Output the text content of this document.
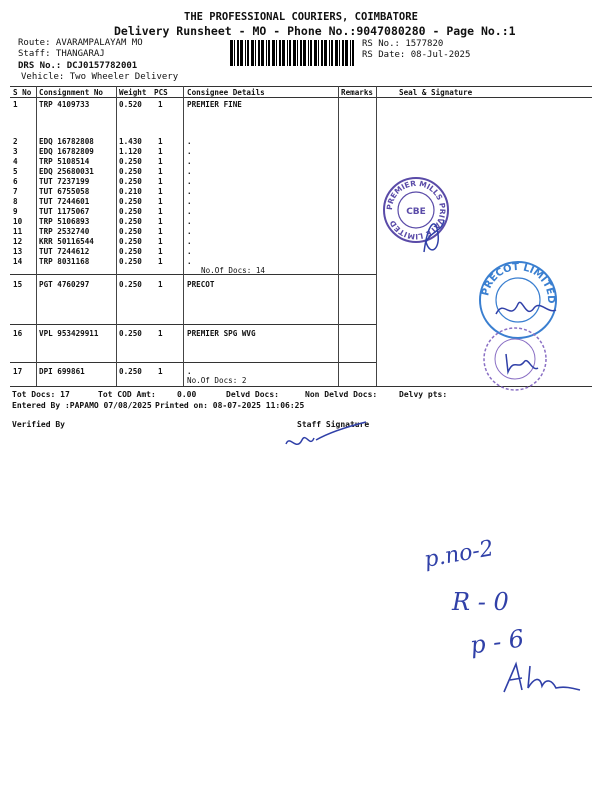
THE PROFESSIONAL COURIERS, COIMBATORE
Delivery Runsheet - MO - Phone No.:9047080280 - Page No.:1
Route: AVARAMPALAYAM MO
Staff: THANGARAJ
DRS No.: DCJ0157782001
Vehicle: Two Wheeler Delivery
RS No.: 1577820
RS Date: 08-Jul-2025
S No Consignment No Weight PCS	Consignee Details	Remarks	Seal & Signature
1	TRP 4109733	0.520 1	PREMIER FINE
2	EDQ 16782808	1.430 1	.
3	EDQ 16782809	1.120 1	.
4	TRP 5108514	0.250 1	.
5	EDQ 25680031	0.250 1	.
6	TUT 7237199	0.250 1	.
7	TUT 6755058	0.210 1	.
8	TUT 7244601	0.250 1	.
9	TUT 1175067	0.250 1	.
10 TRP 5106893	0.250 1	.
11 TRP 2532740	0.250 1	.
12 KRR 50116544	0.250 1	.
13 TUT 7244612	0.250 1	.
14 TRP 8031168	0.250 1	.
No.Of Docs: 14
15 PGT 4760297	0.250 1	PRECOT
16 VPL 953429911	0.250 1	PREMIER SPG WVG
17 DPI 699861	0.250 1	.
No.Of Docs: 2
Tot Docs: 17	Tot COD Amt:	0.00	Delvd Docs:	Non Delvd Docs:	Delvy pts:
Entered By :PAPAMO 07/08/2025 Printed on: 08-07-2025 11:06:25
Verified By	Staff Signature
PREMIER MILLS PRIVATE LIMITED
CBE
PRECOT LIMITED
p.no-2
R - 0
p - 6
